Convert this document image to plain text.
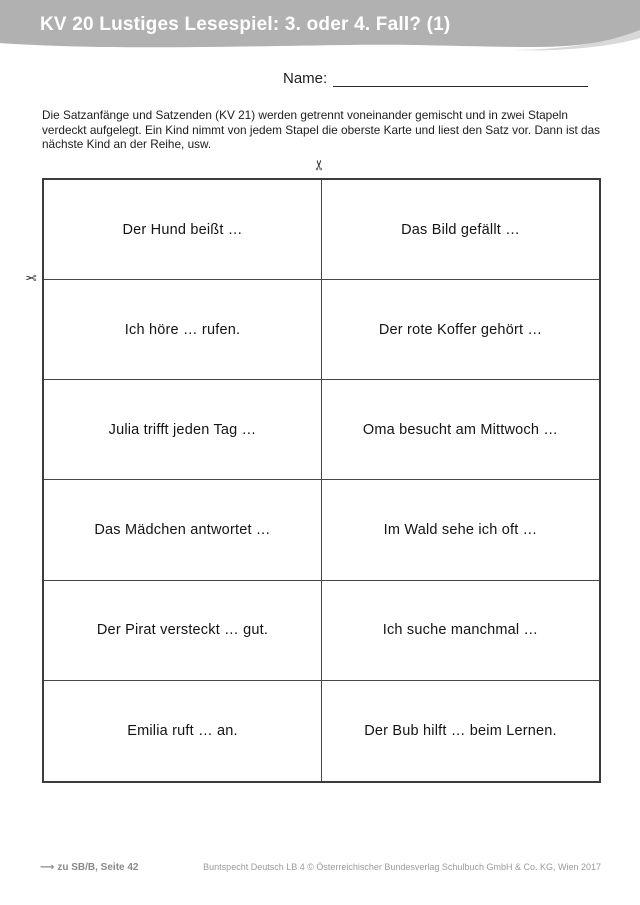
KV 20 Lustiges Lesespiel: 3. oder 4. Fall? (1)
Name:
Die Satzanfänge und Satzenden (KV 21) werden getrennt voneinander gemischt und in zwei Stapeln verdeckt aufgelegt. Ein Kind nimmt von jedem Stapel die oberste Karte und liest den Satz vor. Dann ist das nächste Kind an der Reihe, usw.
✂
✂
Der Hund beißt …	Das Bild gefällt …
Ich höre … rufen.	Der rote Koffer gehört …
Julia trifft jeden Tag …	Oma besucht am Mittwoch …
Das Mädchen antwortet …	Im Wald sehe ich oft …
Der Pirat versteckt … gut.	Ich suche manchmal …
Emilia ruft … an.	Der Bub hilft … beim Lernen.
⟶ zu SB/B, Seite 42	Buntspecht Deutsch LB 4 © Österreichischer Bundesverlag Schulbuch GmbH & Co. KG, Wien 2017
